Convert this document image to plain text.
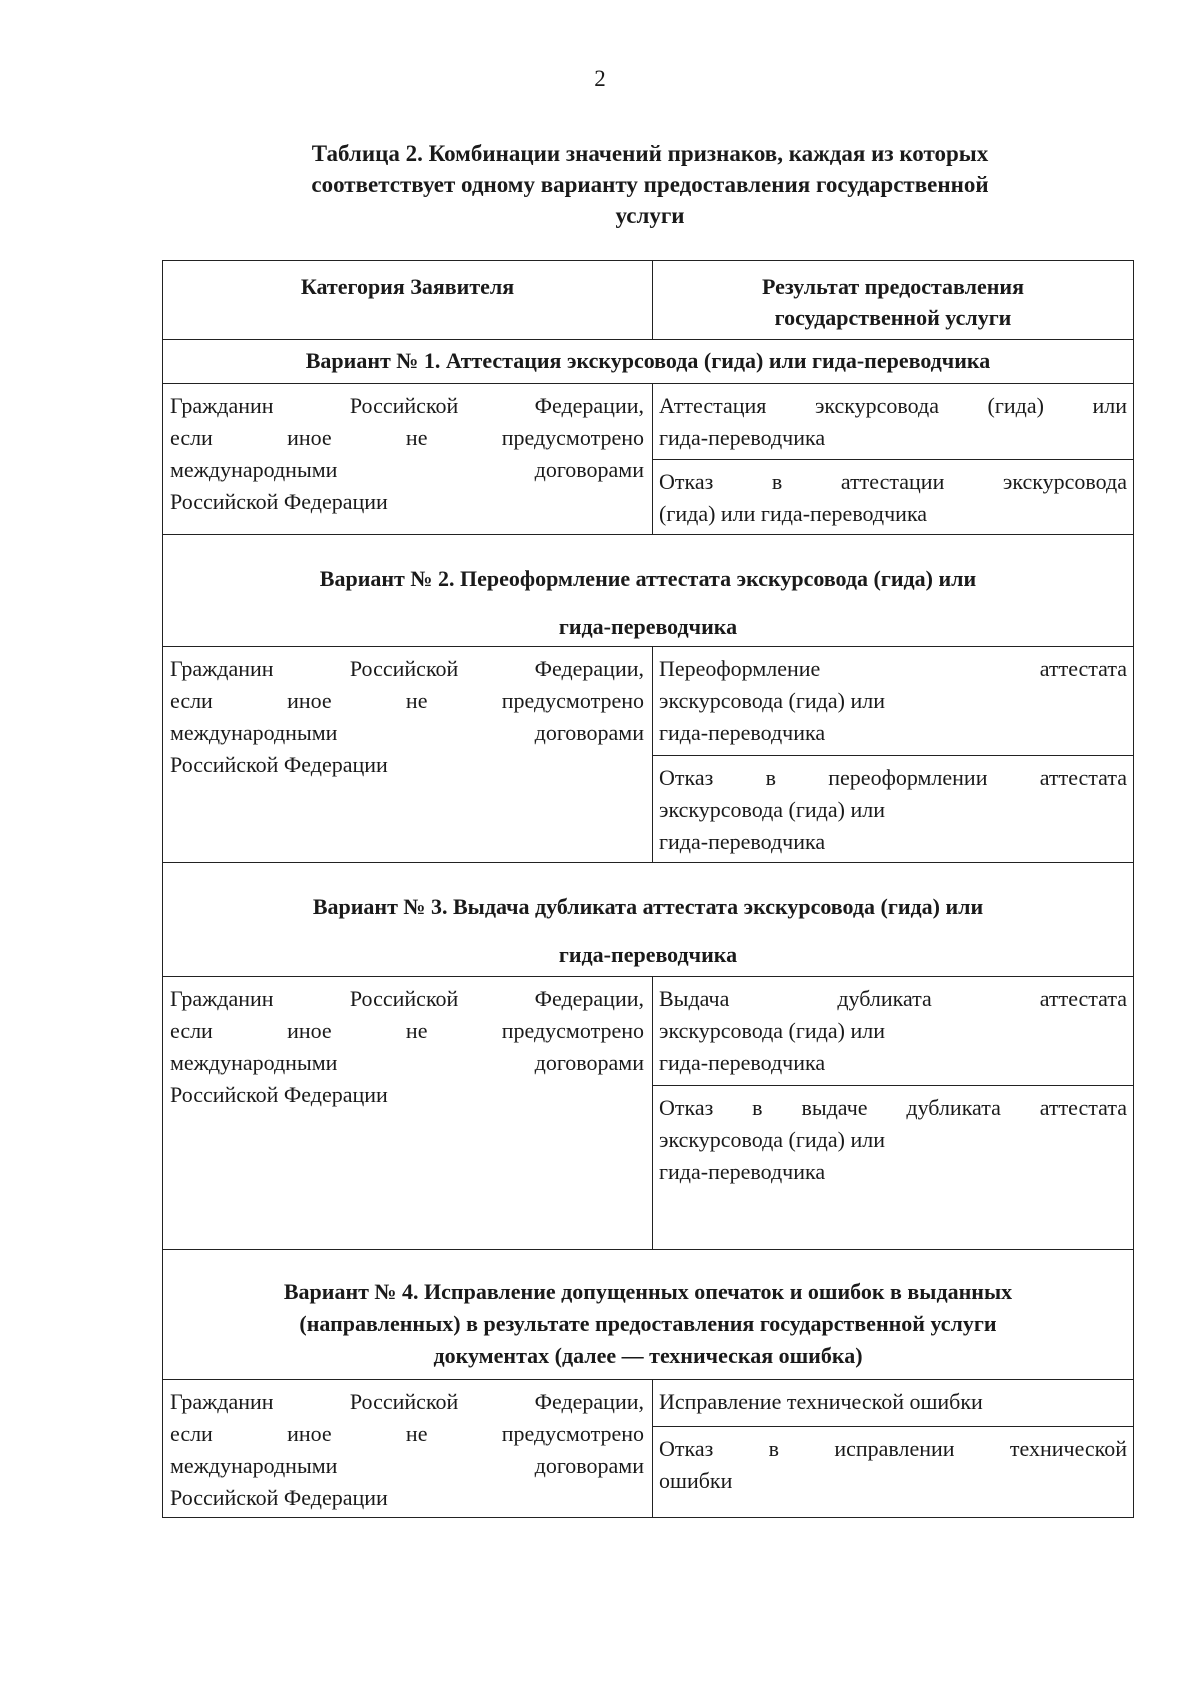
2
Таблица 2. Комбинации значений признаков, каждая из которых
соответствует одному варианту предоставления государственной
услуги
Категория Заявителя	Результат предоставления
государственной услуги
Вариант № 1. Аттестация экскурсовода (гида) или гида-переводчика
Гражданин Российской Федерации,
если иное не предусмотрено
международными договорами
Российской Федерации
Аттестация экскурсовода (гида) или
гида-переводчика
Отказ в аттестации экскурсовода
(гида) или гида-переводчика
Вариант № 2. Переоформление аттестата экскурсовода (гида) или
гида-переводчика
Гражданин Российской Федерации,
если иное не предусмотрено
международными договорами
Российской Федерации
Переоформление аттестата
экскурсовода (гида) или
гида-переводчика
Отказ в переоформлении аттестата
экскурсовода (гида) или
гида-переводчика
Вариант № 3. Выдача дубликата аттестата экскурсовода (гида) или
гида-переводчика
Гражданин Российской Федерации,
если иное не предусмотрено
международными договорами
Российской Федерации
Выдача дубликата аттестата
экскурсовода (гида) или
гида-переводчика
Отказ в выдаче дубликата аттестата
экскурсовода (гида) или
гида-переводчика
Вариант № 4. Исправление допущенных опечаток и ошибок в выданных
(направленных) в результате предоставления государственной услуги
документах (далее — техническая ошибка)
Гражданин Российской Федерации,
если иное не предусмотрено
международными договорами
Российской Федерации
Исправление технической ошибки
Отказ в исправлении технической
ошибки
